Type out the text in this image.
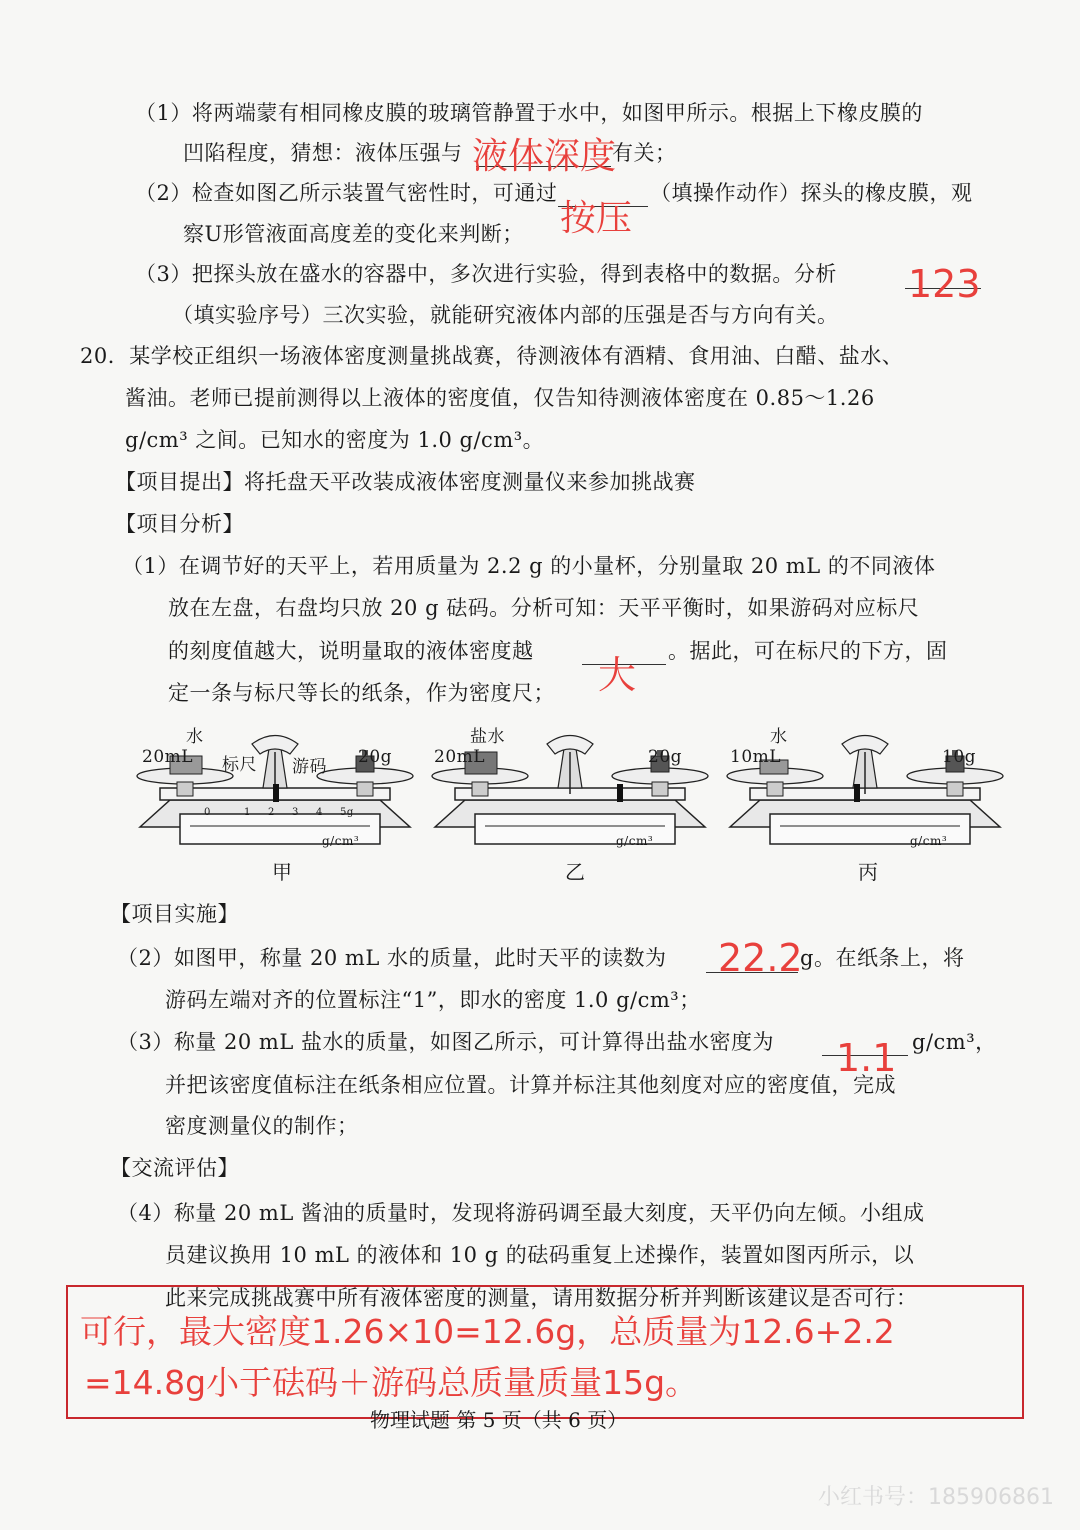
（1）将两端蒙有相同橡皮膜的玻璃管静置于水中，如图甲所示。根据上下橡皮膜的
凹陷程度，猜想：液体压强与	有关；
液体深度
（2）检查如图乙所示装置气密性时，可通过	（填操作动作）探头的橡皮膜，观
按压
察U形管液面高度差的变化来判断；
（3）把探头放在盛水的容器中，多次进行实验，得到表格中的数据。分析 123
（填实验序号）三次实验，就能研究液体内部的压强是否与方向有关。
20．某学校正组织一场液体密度测量挑战赛，待测液体有酒精、食用油、白醋、盐水、
酱油。老师已提前测得以上液体的密度值，仅告知待测液体密度在 0.85～1.26
g/cm³ 之间。已知水的密度为 1.0 g/cm³。
【项目提出】将托盘天平改装成液体密度测量仪来参加挑战赛
【项目分析】
（1）在调节好的天平上，若用质量为 2.2 g 的小量杯，分别量取 20 mL 的不同液体
放在左盘，右盘均只放 20 g 砝码。分析可知：天平平衡时，如果游码对应标尺
的刻度值越大，说明量取的液体密度越
大
。据此，可在标尺的下方，固
定一条与标尺等长的纸条，作为密度尺；
水
20mL 标尺 游码 20g
g/cm³
甲
盐水
20mL	20g
g/cm³
乙
水
10mL	10g
g/cm³
丙
0	1 2 3 4 5g
【项目实施】
（2）如图甲，称量 20 mL 水的质量，此时天平的读数为 22.2
g。在纸条上，将
游码左端对齐的位置标注“1”，即水的密度 1.0 g/cm³；
（3）称量 20 mL 盐水的质量，如图乙所示，可计算得出盐水密度为 1.1 g/cm³，
并把该密度值标注在纸条相应位置。计算并标注其他刻度对应的密度值，完成
密度测量仪的制作；
【交流评估】
（4）称量 20 mL 酱油的质量时，发现将游码调至最大刻度，天平仍向左倾。小组成
员建议换用 10 mL 的液体和 10 g 的砝码重复上述操作，装置如图丙所示，以
此来完成挑战赛中所有液体密度的测量，请用数据分析并判断该建议是否可行：
可行，最大密度1.26×10=12.6g，总质量为12.6+2.2
=14.8g小于砝码＋游码总质量质量15g。
物理试题 第 5 页（共 6 页）
小红书号：185906861
